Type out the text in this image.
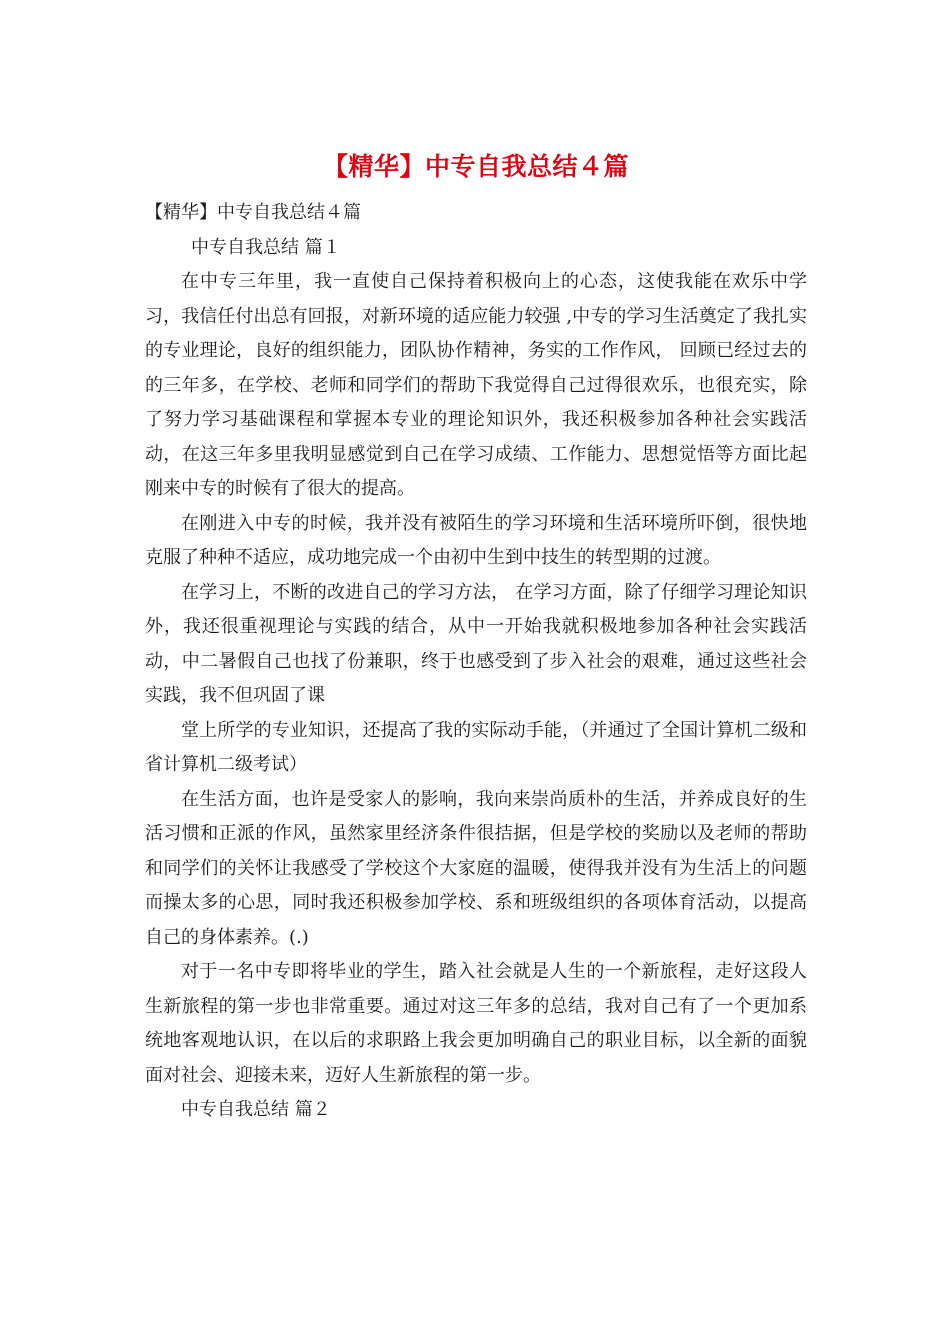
【精华】中专自我总结４篇

【精华】中专自我总结４篇

中专自我总结 篇１

在中专三年里，我一直使自己保持着积极向上的心态，这使我能在欢乐中学习，我信任付出总有回报，对新环境的适应能力较强 ,中专的学习生活奠定了我扎实的专业理论，良好的组织能力，团队协作精神，务实的工作作风， 回顾已经过去的的三年多，在学校、老师和同学们的帮助下我觉得自己过得很欢乐，也很充实，除了努力学习基础课程和掌握本专业的理论知识外，我还积极参加各种社会实践活动，在这三年多里我明显感觉到自己在学习成绩、工作能力、思想觉悟等方面比起刚来中专的时候有了很大的提高。

在刚进入中专的时候，我并没有被陌生的学习环境和生活环境所吓倒，很快地克服了种种不适应，成功地完成一个由初中生到中技生的转型期的过渡。

在学习上，不断的改进自己的学习方法， 在学习方面，除了仔细学习理论知识外，我还很重视理论与实践的结合，从中一开始我就积极地参加各种社会实践活动，中二暑假自己也找了份兼职，终于也感受到了步入社会的艰难，通过这些社会实践，我不但巩固了课

堂上所学的专业知识，还提高了我的实际动手能，（并通过了全国计算机二级和省计算机二级考试）

在生活方面，也许是受家人的影响，我向来崇尚质朴的生活，并养成良好的生活习惯和正派的作风，虽然家里经济条件很拮据，但是学校的奖励以及老师的帮助和同学们的关怀让我感受了学校这个大家庭的温暖，使得我并没有为生活上的问题而操太多的心思，同时我还积极参加学校、系和班级组织的各项体育活动，以提高自己的身体素养。(.)

对于一名中专即将毕业的学生，踏入社会就是人生的一个新旅程，走好这段人生新旅程的第一步也非常重要。通过对这三年多的总结，我对自己有了一个更加系统地客观地认识，在以后的求职路上我会更加明确自己的职业目标，以全新的面貌面对社会、迎接未来，迈好人生新旅程的第一步。

中专自我总结 篇２
